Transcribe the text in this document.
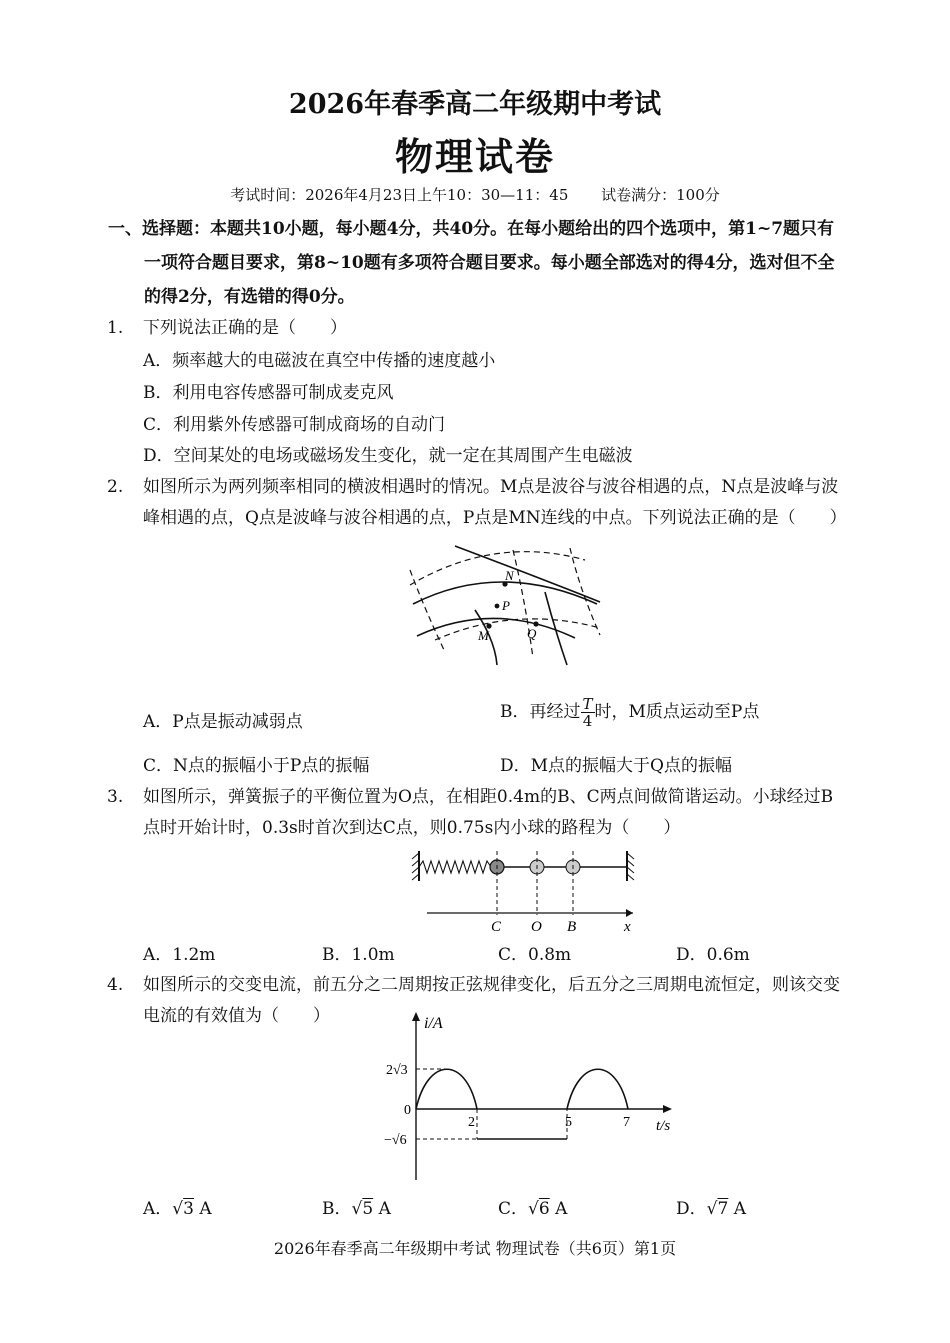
2026年春季高二年级期中考试
物理试卷
考试时间：2026年4月23日上午10：30—11：45 试卷满分：100分
一、选择题：本题共10小题，每小题4分，共40分。在每小题给出的四个选项中，第1~7题只有
一项符合题目要求，第8~10题有多项符合题目要求。每小题全部选对的得4分，选对但不全
的得2分，有选错的得0分。
1. 下列说法正确的是（　　）
A．频率越大的电磁波在真空中传播的速度越小
B．利用电容传感器可制成麦克风
C．利用紫外传感器可制成商场的自动门
D．空间某处的电场或磁场发生变化，就一定在其周围产生电磁波
2. 如图所示为两列频率相同的横波相遇时的情况。M点是波谷与波谷相遇的点，N点是波峰与波
峰相遇的点，Q点是波峰与波谷相遇的点，P点是MN连线的中点。下列说法正确的是（　　）
N
P
M	Q
A．P点是振动减弱点	B．再经过 $\frac{T}{4}$ 时，M质点运动至P点
C．N点的振幅小于P点的振幅	D．M点的振幅大于Q点的振幅
3. 如图所示，弹簧振子的平衡位置为O点，在相距0.4m的B、C两点间做简谐运动。小球经过B
点时开始计时，0.3s时首次到达C点，则0.75s内小球的路程为（　　）
C O B	x
A．1.2m	B．1.0m	C．0.8m	D．0.6m
4. 如图所示的交变电流，前五分之二周期按正弦规律变化，后五分之三周期电流恒定，则该交变
电流的有效值为（　　）	i/A
t/s
2√3
0
−√6
2	5	7
A．√3 A	B．√5 A	C．√6 A	D．√7 A
2026年春季高二年级期中考试 物理试卷（共6页）第1页
